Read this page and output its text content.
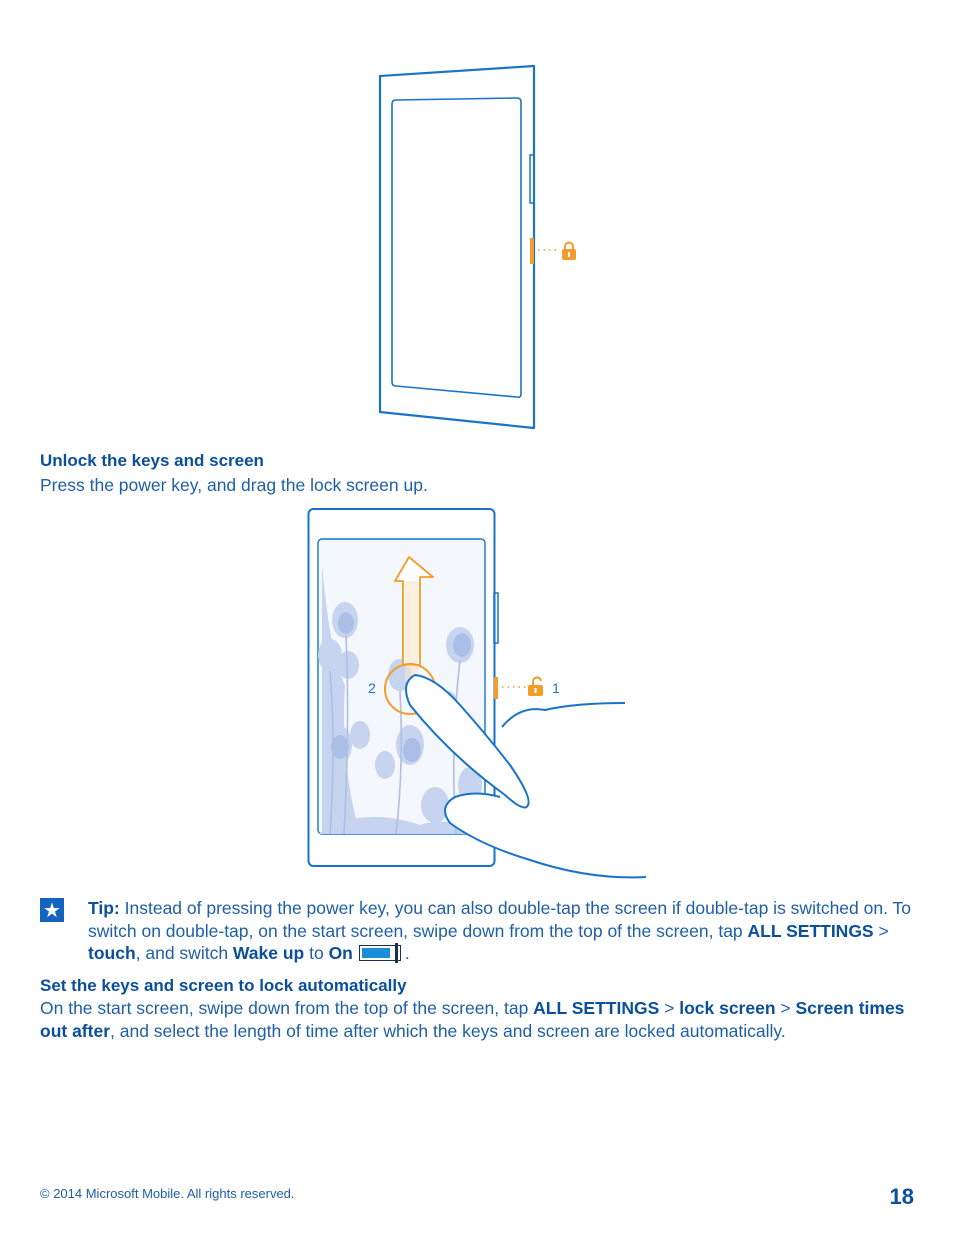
Unlock the keys and screen
Press the power key, and drag the lock screen up.
2	1
★ Tip: Instead of pressing the power key, you can also double-tap the screen if double-tap is switched on. To switch on double-tap, on the start screen, swipe down from the top of the screen, tap ALL SETTINGS > touch, and switch Wake up to On	.
Set the keys and screen to lock automatically
On the start screen, swipe down from the top of the screen, tap ALL SETTINGS > lock screen > Screen times out after, and select the length of time after which the keys and screen are locked automatically.
© 2014 Microsoft Mobile. All rights reserved.	18
